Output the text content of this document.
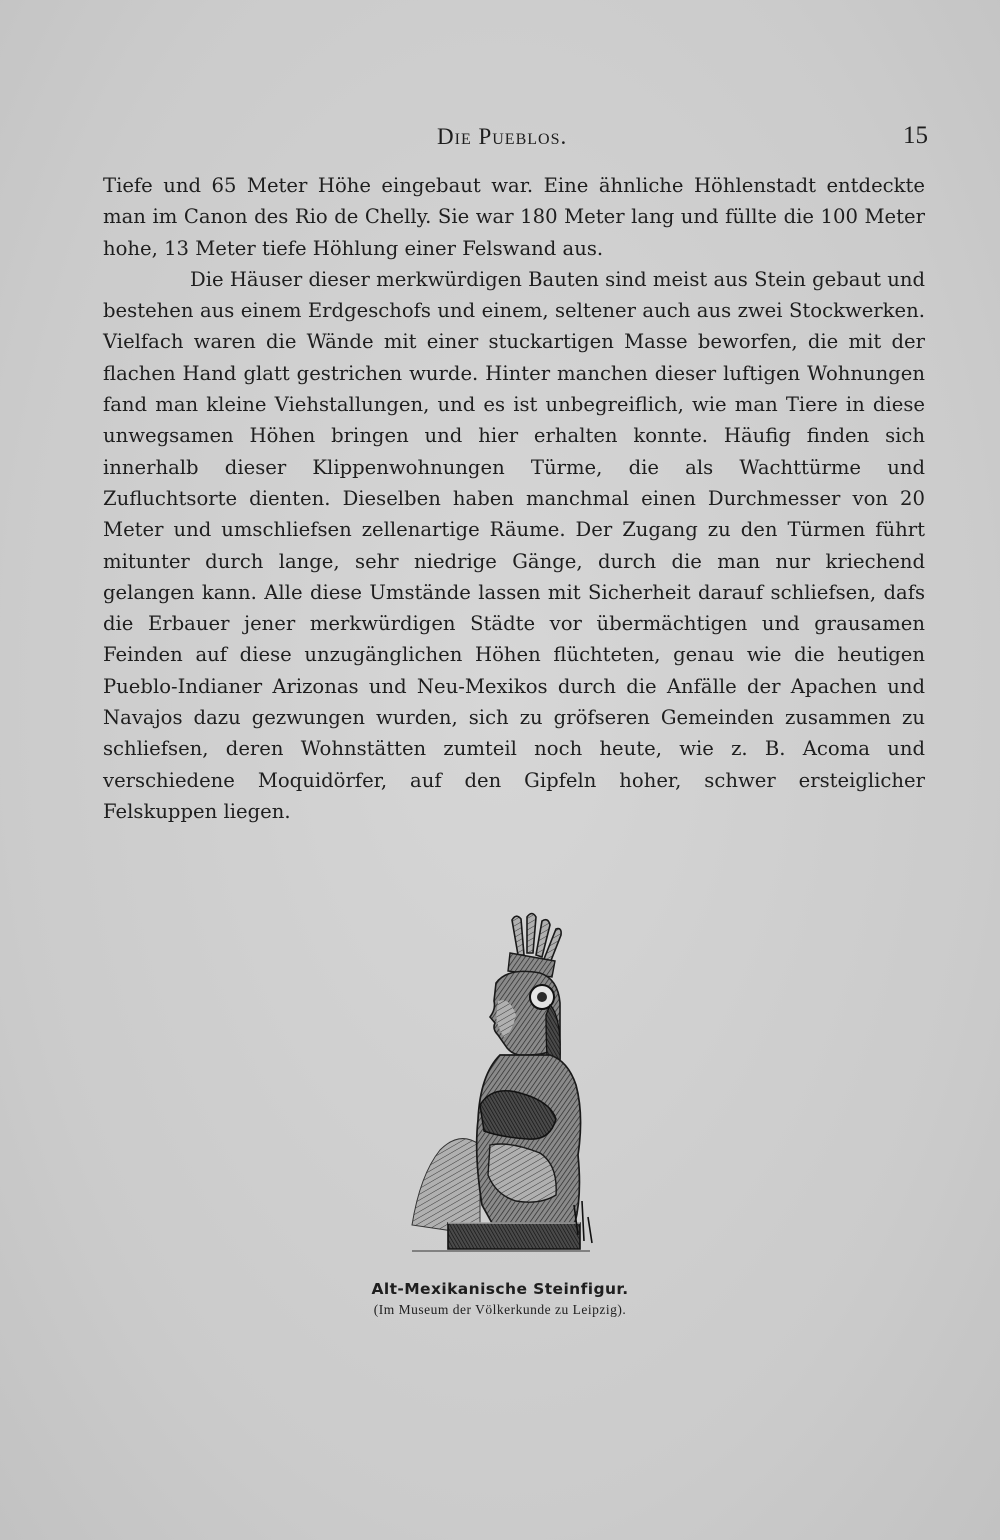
Die Pueblos.	15

Tiefe und 65 Meter Höhe eingebaut war. Eine ähnliche Höhlenstadt entdeckte man im Canon des Rio de Chelly. Sie war 180 Meter lang und füllte die 100 Meter hohe, 13 Meter tiefe Höhlung einer Felswand aus.

Die Häuser dieser merkwürdigen Bauten sind meist aus Stein gebaut und bestehen aus einem Erdgeschofs und einem, seltener auch aus zwei Stockwerken. Vielfach waren die Wände mit einer stuckartigen Masse beworfen, die mit der flachen Hand glatt gestrichen wurde. Hinter manchen dieser luftigen Wohnungen fand man kleine Viehstallungen, und es ist unbegreiflich, wie man Tiere in diese unwegsamen Höhen bringen und hier erhalten konnte. Häufig finden sich innerhalb dieser Klippenwohnungen Türme, die als Wachttürme und Zufluchtsorte dienten. Dieselben haben manchmal einen Durchmesser von 20 Meter und umschliefsen zellenartige Räume. Der Zugang zu den Türmen führt mitunter durch lange, sehr niedrige Gänge, durch die man nur kriechend gelangen kann. Alle diese Umstände lassen mit Sicherheit darauf schliefsen, dafs die Erbauer jener merkwürdigen Städte vor übermächtigen und grausamen Feinden auf diese unzugänglichen Höhen flüchteten, genau wie die heutigen Pueblo-Indianer Arizonas und Neu-Mexikos durch die Anfälle der Apachen und Navajos dazu gezwungen wurden, sich zu gröfseren Gemeinden zusammen zu schliefsen, deren Wohnstätten zumteil noch heute, wie z. B. Acoma und verschiedene Moquidörfer, auf den Gipfeln hoher, schwer ersteiglicher Felskuppen liegen.

Alt-Mexikanische Steinfigur.
(Im Museum der Völkerkunde zu Leipzig).
